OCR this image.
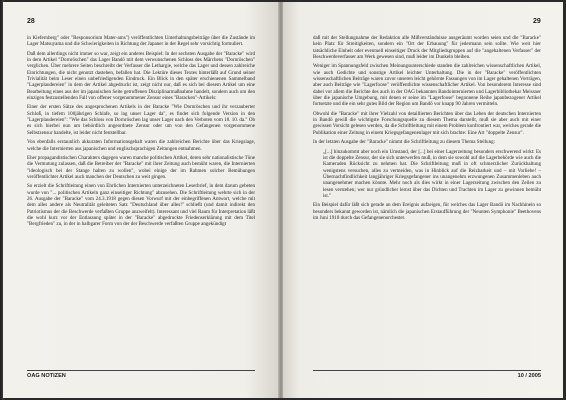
28

in Kiefernberg" oder "Responsorium Mater-ams") veröffentlichten Unterhaltungsbeiträge über die Zustände im Lager Matsuyama und die Schwierigkeiten in Richtung der Japaner in der Regel sehr vorsichtig formuliert.

Daß dem allerdings nicht immer so war, zeigt ein anderes Beispiel: In der sechsten Ausgabe der "Baracke" wird in dem Artikel "Dornröschen" das Lager Bandō mit dem verwunschenen Schloss des Märchens "Dornröschen" verglichen. Über mehrere Seiten beschreibt der Verfasser die Lethargie, welche das Lager und dessen zahlreiche Einrichtungen, die nicht genutzt dastehen, befallen hat. Die Lektüre dieses Textes hinterläßt auf Grund seiner Trivialität beim Leser einen unbefriedigenden Eindruck. Ein Blick in den später erschienenen Sammelband "Lagerplaudereien" in dem der Artikel abgedruckt ist, zeigt nicht nur, daß es sich bei diesem Artikel um eine Bearbeitung eines aus der im japanischen Seite getroffenen Disziplinarmaßnahme handelt, sondern auch um den einzigen festzustellenden Fall von offener vorgenommener Zensur eines "Baracken"-Artikels:

Einer der ersten Sätze des angesprochenen Artikels in der Baracke "Wie Dornröschen und ihr verzauberter Schloß, in tiefem 100jährigen Schlafe, so lag unser Lager da", es findet sich folgende Version in den "Lagerplaudereien": "Wie das Schloss von Dornröschen lag unser Lager nach den Verboten vom 18. 10. da." Ob es sich hierbei nun um behördlich angeordnete Zensur oder um von den Gefangenen vorgenommene Selbstzensur handelte, ist leider nicht feststellbar.

Von ebenfalls erstaunlich akkuraten Informationsgehalt waren die zahlreichen Berichte über das Kriegslage, welche die Internierten aus japanischen und englischsprachigen Zeitungen entnahmen.

Eher propagandistischen Charakters dagegen waren manche politischen Artikel, deren sehr nationalistische Töne die Vermutung zulassen, daß die Betreiber der "Baracke" mit ihrer Zeitung auch bemüht waren, die Internierten "ideologisch bei der Stange halten zu wollen", wobei einige der im Rahmen solcher Bemühungen veröffentlichter Artikel auch manchen der Deutschen zu weit gingen.

So erzielt die Schriftleitung einen von Ehrlichen Internierten unterzeichneten Leserbrief, in dem darum gebeten wurde von "... politischen Artikeln ganz einseitiger Richtung" abzusehen. Die Schriftleitung wehrte sich in der 26. Ausgabe der "Baracke" vom 24.3.1918 gegen diesen Vorwurf mit der einbegriffenen Antwort, welche mit dem alles andere als Neutralität geleiteten Satz "Deutschland über alles!" schließt (und damit indirekt den Patriotismus der die Beschwerde verfaßten Gruppe anzweifelt). Interessant und viel Raum für Interpretation läßt die wohl kurz vor der Entlassung später in der "Baracke" abgedruckte Friedenserklärung mit dem Titel "Bergfrieden" zu, in der in halbgarer Form von der der Beschwerde verfaßten Gruppe angekündigt

OAG NOTIZEN
29

daß mit der Stellungnahme der Redaktion alle Mißverständnisse ausgeräumt worden seien und die "Baracke" kein Platz für Streitigkeiten, sondern ein "Ort der Erbauung" für jedermann sein sollte. Wie weit hier tatsächliche Einheit oder eventuell einseitiger Druck der Mitgliedsgruppen auf die "angehaltenen Verfasser" der Beschwerdeverfasser am Werk gewesen sind, muß leider im Dunkeln bleiben.

Weniger im Spannungsfeld zwischen Meinungsunterschiede standen die zahlreichen wissenschaftlichen Artikel, wie auch Gedichte und sonstige Artikel leichter Unterhaltung. Die in der "Baracke" veröffentlichten wissenschaftlichen Beiträge waren zuvor unseren leicht gehörnte Fassungen von im Lager gehaltenen Vorträgen, aber auch Beiträge wie "Lagerfoose" veröffentlichte wissenschaftlicher Artikel. Von besonderem Interesse sind dabei vor allem die Berichte des auch in der OAG bekannten Bandointernierten und Lagerbibliothekar Meissner über die japanische Umgebung, mit denen er seine im "Lagerfoose" begonnene Reihe japanbezogener Artikel fortsetzte und die ein sehr gutes Bild der Region um Bandō vor knapp 90 Jahren vermitteln.

Obwohl die "Baracke" mit ihrer Vielzahl von detaillierten Berichten über das Leben der deutschen Internierten in Bandō gewiß die wichtigste Forschungsquelle zu diesem Thema darstellt, muß sie aber auch mit einer gewissen Vorsicht gelesen werden, da die Schriftleitung mit einem Problem konfrontiert war, welches gerade die Publikation einer Zeitung in einem Kriegsgefangenenlager mit sich brachte: Eine Art "doppelte Zensur".

In der letzten Ausgabe der "Baracke" nimmt die Schriftleitung zu diesem Thema Stellung:

„[...] hinzukommt aber noch ein Umstand, der [...] bei einer Lagerzeitung besonders erschwerend wirkt: Es ist die doppelte Zensur, der sie sich unterwerfen muß, in dem sie sowohl auf die Lagerbehörde wie auch die Kameraden Rücksicht zu nehmen hat. Die Schriftleitung muß in oft schmerzlicher Zurückhaltung wenigstens versuchen, alles zu vermeiden, was in Hinblick auf die Reizbarkeit und – mit Vorliebe! – Übernachtfindlichkeit langjähriger Kriegsgefangener ins unangenehm erzwungenen Zusammenleben auch unangenehmer machen könnte. Mehr noch als dies wirkt in einer Lagerzeitung zwischen den Zeilen zu lesen verstehen; wer nur gründlicher lernst über das Dichten und Trachten im Lager zu gewinnen bemüht ist."

Ein Beispiel dafür läßt sich gerade an dem Ereignis aufzeigen, für welches das Lager Bandō im Nachhinein so besonders bekannt geworden ist, nämlich die japanischen Erstaufführung der "Neunten Symphonie" Beethovens im Juni 1918 durch das Gefangenenorchester.

10 / 2005
